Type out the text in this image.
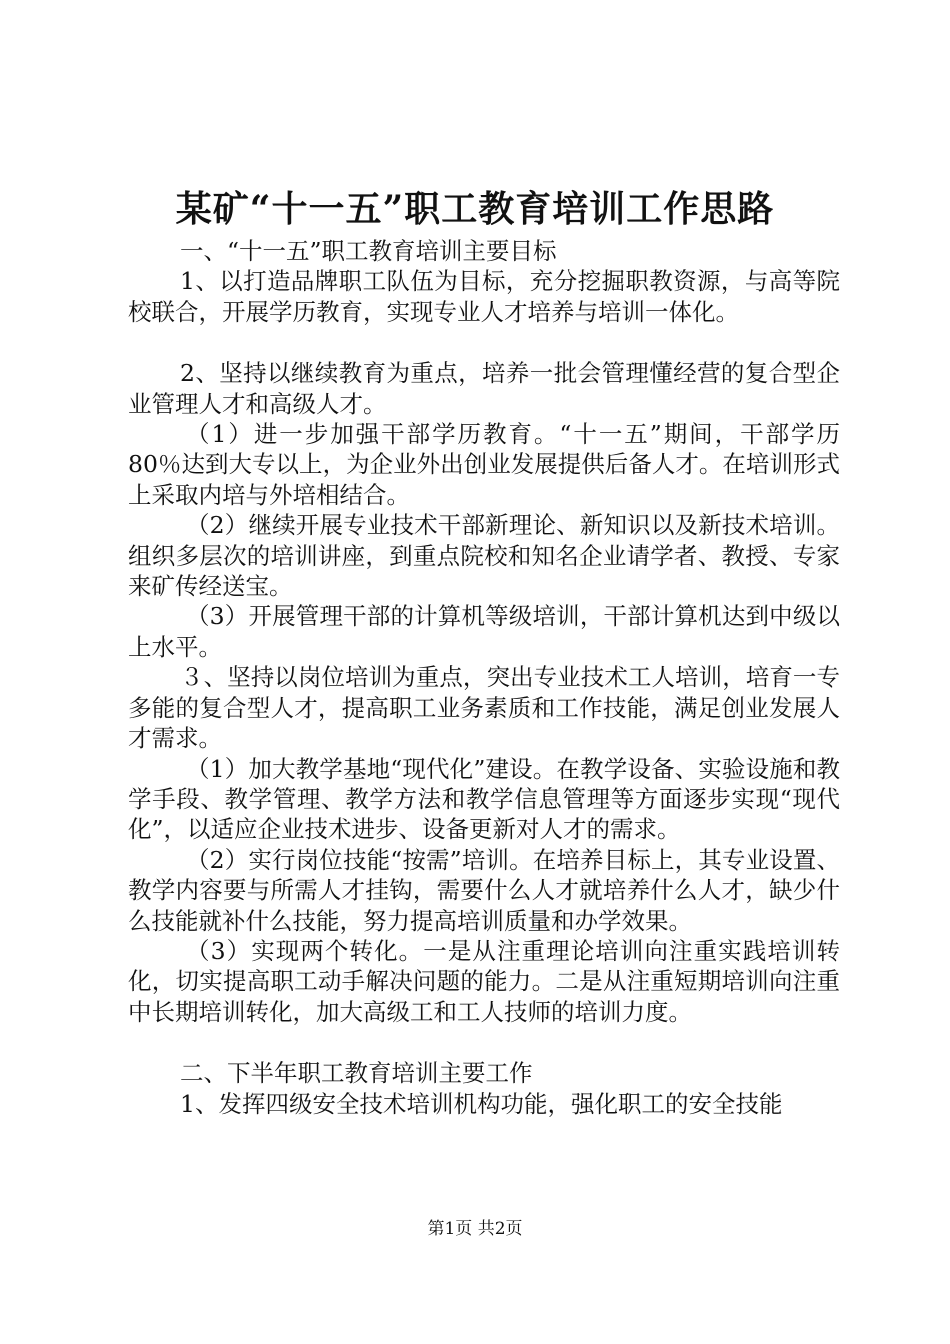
某矿“十一五”职工教育培训工作思路

一、“十一五”职工教育培训主要目标

1、以打造品牌职工队伍为目标，充分挖掘职教资源，与高等院校联合，开展学历教育，实现专业人才培养与培训一体化。

2、坚持以继续教育为重点，培养一批会管理懂经营的复合型企业管理人才和高级人才。

（1）进一步加强干部学历教育。“十一五”期间，干部学历80％达到大专以上，为企业外出创业发展提供后备人才。在培训形式上采取内培与外培相结合。

（2）继续开展专业技术干部新理论、新知识以及新技术培训。组织多层次的培训讲座，到重点院校和知名企业请学者、教授、专家来矿传经送宝。

（3）开展管理干部的计算机等级培训，干部计算机达到中级以上水平。

３、坚持以岗位培训为重点，突出专业技术工人培训，培育一专多能的复合型人才，提高职工业务素质和工作技能，满足创业发展人才需求。

（1）加大教学基地“现代化”建设。在教学设备、实验设施和教学手段、教学管理、教学方法和教学信息管理等方面逐步实现“现代化”，以适应企业技术进步、设备更新对人才的需求。

（2）实行岗位技能“按需”培训。在培养目标上，其专业设置、教学内容要与所需人才挂钩，需要什么人才就培养什么人才，缺少什么技能就补什么技能，努力提高培训质量和办学效果。

（3）实现两个转化。一是从注重理论培训向注重实践培训转化，切实提高职工动手解决问题的能力。二是从注重短期培训向注重中长期培训转化，加大高级工和工人技师的培训力度。

二、下半年职工教育培训主要工作

1、发挥四级安全技术培训机构功能，强化职工的安全技能

第1页 共2页
